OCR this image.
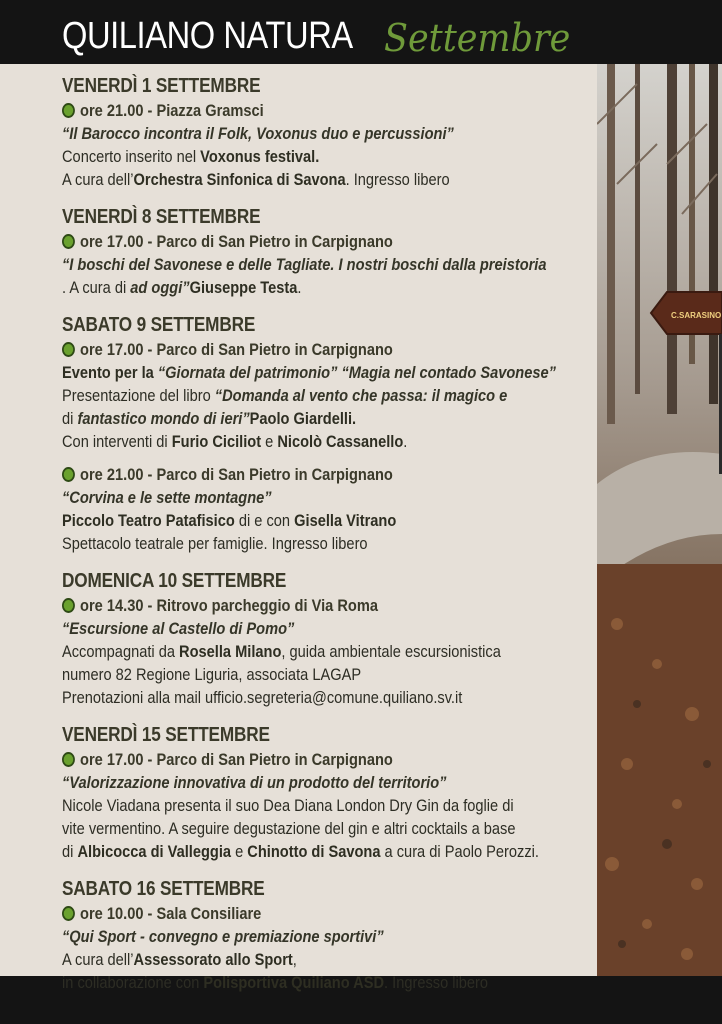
QUILIANO NATURA Settembre
C.SARASINO
VENERDÌ 1 SETTEMBRE
ore 21.00 - Piazza Gramsci
“Il Barocco incontra il Folk, Voxonus duo e percussioni”
Concerto inserito nel Voxonus festival.
A cura dell’Orchestra Sinfonica di Savona. Ingresso libero
VENERDÌ 8 SETTEMBRE
ore 17.00 - Parco di San Pietro in Carpignano
“I boschi del Savonese e delle Tagliate. I nostri boschi dalla preistoria
. A cura di ad oggi”Giuseppe Testa.
SABATO 9 SETTEMBRE
ore 17.00 - Parco di San Pietro in Carpignano
Evento per la “Giornata del patrimonio” “Magia nel contado Savonese”
Presentazione del libro “Domanda al vento che passa: il magico e
di fantastico mondo di ieri”Paolo Giardelli.
Con interventi di Furio Ciciliot e Nicolò Cassanello.
ore 21.00 - Parco di San Pietro in Carpignano
“Corvina e le sette montagne”
Piccolo Teatro Patafisico di e con Gisella Vitrano
Spettacolo teatrale per famiglie. Ingresso libero
DOMENICA 10 SETTEMBRE
ore 14.30 - Ritrovo parcheggio di Via Roma
“Escursione al Castello di Pomo”
Accompagnati da Rosella Milano, guida ambientale escursionistica
numero 82 Regione Liguria, associata LAGAP
Prenotazioni alla mail ufficio.segreteria@comune.quiliano.sv.it
VENERDÌ 15 SETTEMBRE
ore 17.00 - Parco di San Pietro in Carpignano
“Valorizzazione innovativa di un prodotto del territorio”
Nicole Viadana presenta il suo Dea Diana London Dry Gin da foglie di
vite vermentino. A seguire degustazione del gin e altri cocktails a base
di Albicocca di Valleggia e Chinotto di Savona a cura di Paolo Perozzi.
SABATO 16 SETTEMBRE
ore 10.00 - Sala Consiliare
“Qui Sport - convegno e premiazione sportivi”
A cura dell’Assessorato allo Sport,
in collaborazione con Polisportiva Quiliano ASD. Ingresso libero
